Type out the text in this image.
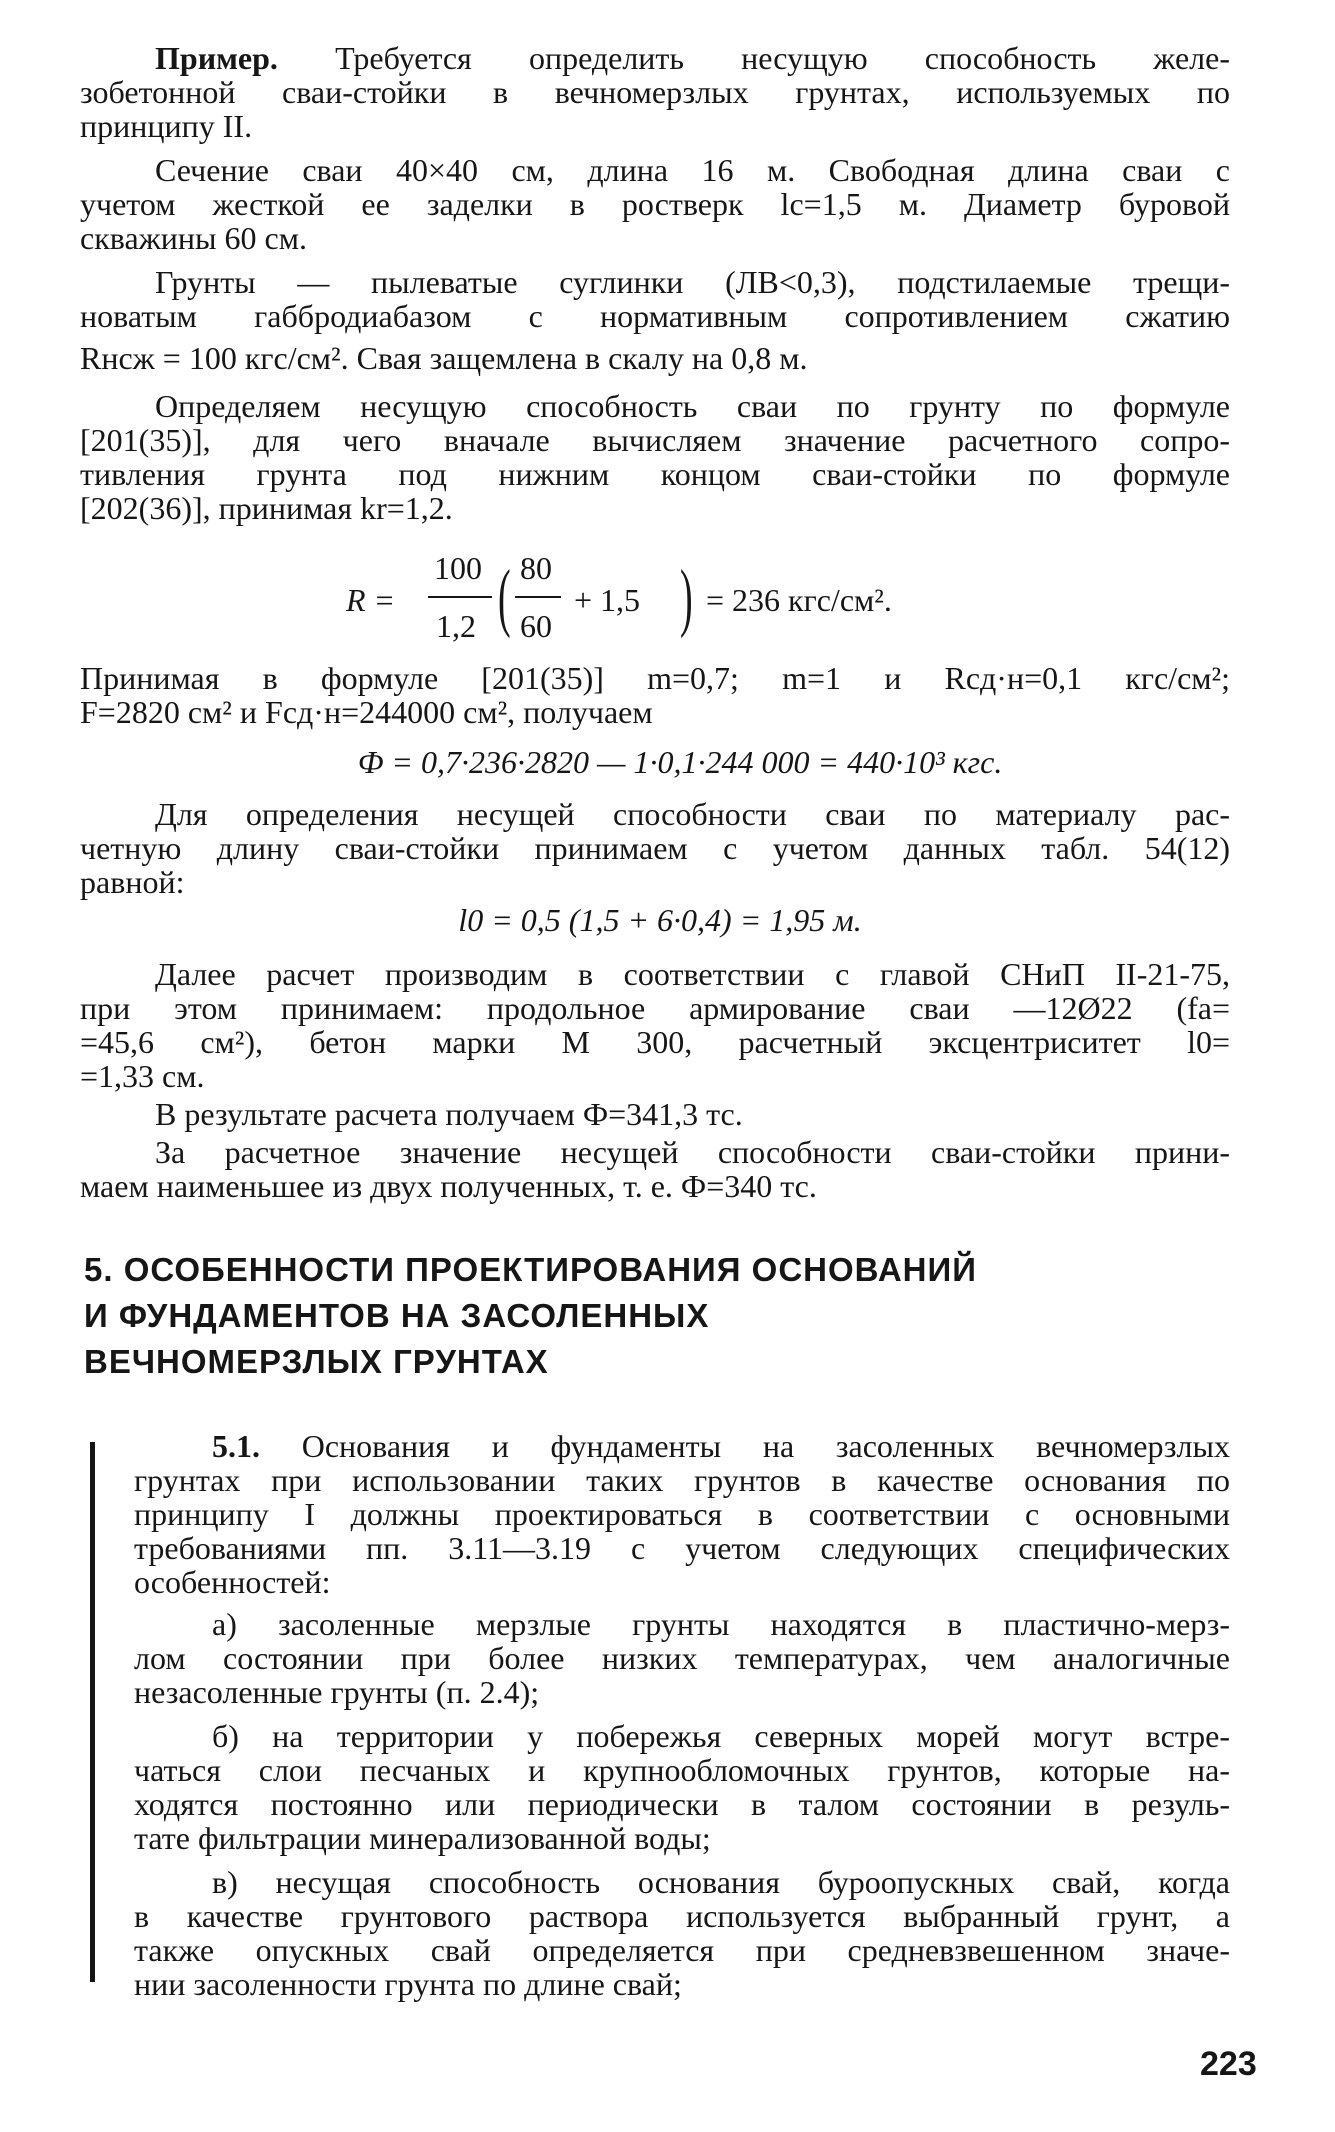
Пример. Требуется определить несущую способность желе-
зобетонной сваи-стойки в вечномерзлых грунтах, используемых по
принципу II.
Сечение сваи 40×40 см, длина 16 м. Свободная длина сваи с
учетом жесткой ее заделки в ростверк lс=1,5 м. Диаметр буровой
скважины 60 см.
Грунты — пылеватые суглинки (ЛВ<0,3), подстилаемые трещи-
новатым габбродиабазом с нормативным сопротивлением сжатию
Rнсж = 100 кгс/см². Свая защемлена в скалу на 0,8 м.
Определяем несущую способность сваи по грунту по формуле
[201(35)], для чего вначале вычисляем значение расчетного сопро-
тивления грунта под нижним концом сваи-стойки по формуле
[202(36)], принимая kr=1,2.
R =
100
1,2 ( 80
60
+ 1,5 ) = 236 кгс/см².
Принимая в формуле [201(35)] m=0,7; m=1 и Rсд·н=0,1 кгс/см²;
F=2820 см² и Fсд·н=244000 см², получаем
Ф = 0,7·236·2820 — 1·0,1·244 000 = 440·10³ кгс.
Для определения несущей способности сваи по материалу рас-
четную длину сваи-стойки принимаем с учетом данных табл. 54(12)
равной:
l0 = 0,5 (1,5 + 6·0,4) = 1,95 м.
Далее расчет производим в соответствии с главой СНиП II-21-75,
при этом принимаем: продольное армирование сваи —12Ø22 (fа=
=45,6 см²), бетон марки M 300, расчетный эксцентриситет l0=
=1,33 см.
В результате расчета получаем Ф=341,3 тс.
За расчетное значение несущей способности сваи-стойки прини-
маем наименьшее из двух полученных, т. е. Ф=340 тс.
5. ОСОБЕННОСТИ ПРОЕКТИРОВАНИЯ ОСНОВАНИЙ
И ФУНДАМЕНТОВ НА ЗАСОЛЕННЫХ
ВЕЧНОМЕРЗЛЫХ ГРУНТАХ
5.1. Основания и фундаменты на засоленных вечномерзлых
грунтах при использовании таких грунтов в качестве основания по
принципу I должны проектироваться в соответствии с основными
требованиями пп. 3.11—3.19 с учетом следующих специфических
особенностей:
а) засоленные мерзлые грунты находятся в пластично-мерз-
лом состоянии при более низких температурах, чем аналогичные
незасоленные грунты (п. 2.4);
б) на территории у побережья северных морей могут встре-
чаться слои песчаных и крупнообломочных грунтов, которые на-
ходятся постоянно или периодически в талом состоянии в резуль-
тате фильтрации минерализованной воды;
в) несущая способность основания буроопускных свай, когда
в качестве грунтового раствора используется выбранный грунт, а
также опускных свай определяется при средневзвешенном значе-
нии засоленности грунта по длине свай;
223
